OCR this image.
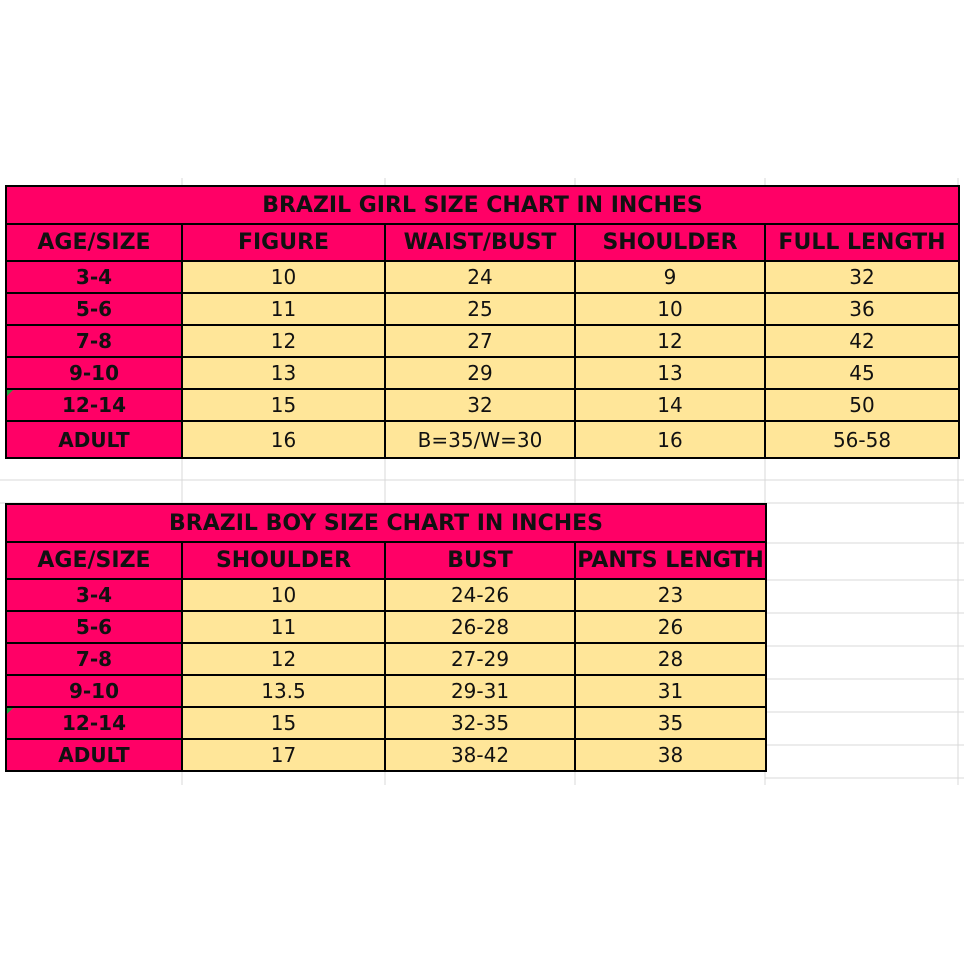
BRAZIL GIRL SIZE CHART IN INCHES				
AGE/SIZE	FIGURE	WAIST/BUST	SHOULDER	FULL LENGTH
3-4	10	24	9	32
5-6	11	25	10	36
7-8	12	27	12	42
9-10	13	29	13	45

12-14	15	32	14	50
ADULT	16	B=35/W=30	16	56-58
BRAZIL BOY SIZE CHART IN INCHES			
AGE/SIZE	SHOULDER	BUST	PANTS LENGTH
3-4	10	24-26	23
5-6	11	26-28	26
7-8	12	27-29	28
9-10	13.5	29-31	31

12-14	15	32-35	35
ADULT	17	38-42	38
